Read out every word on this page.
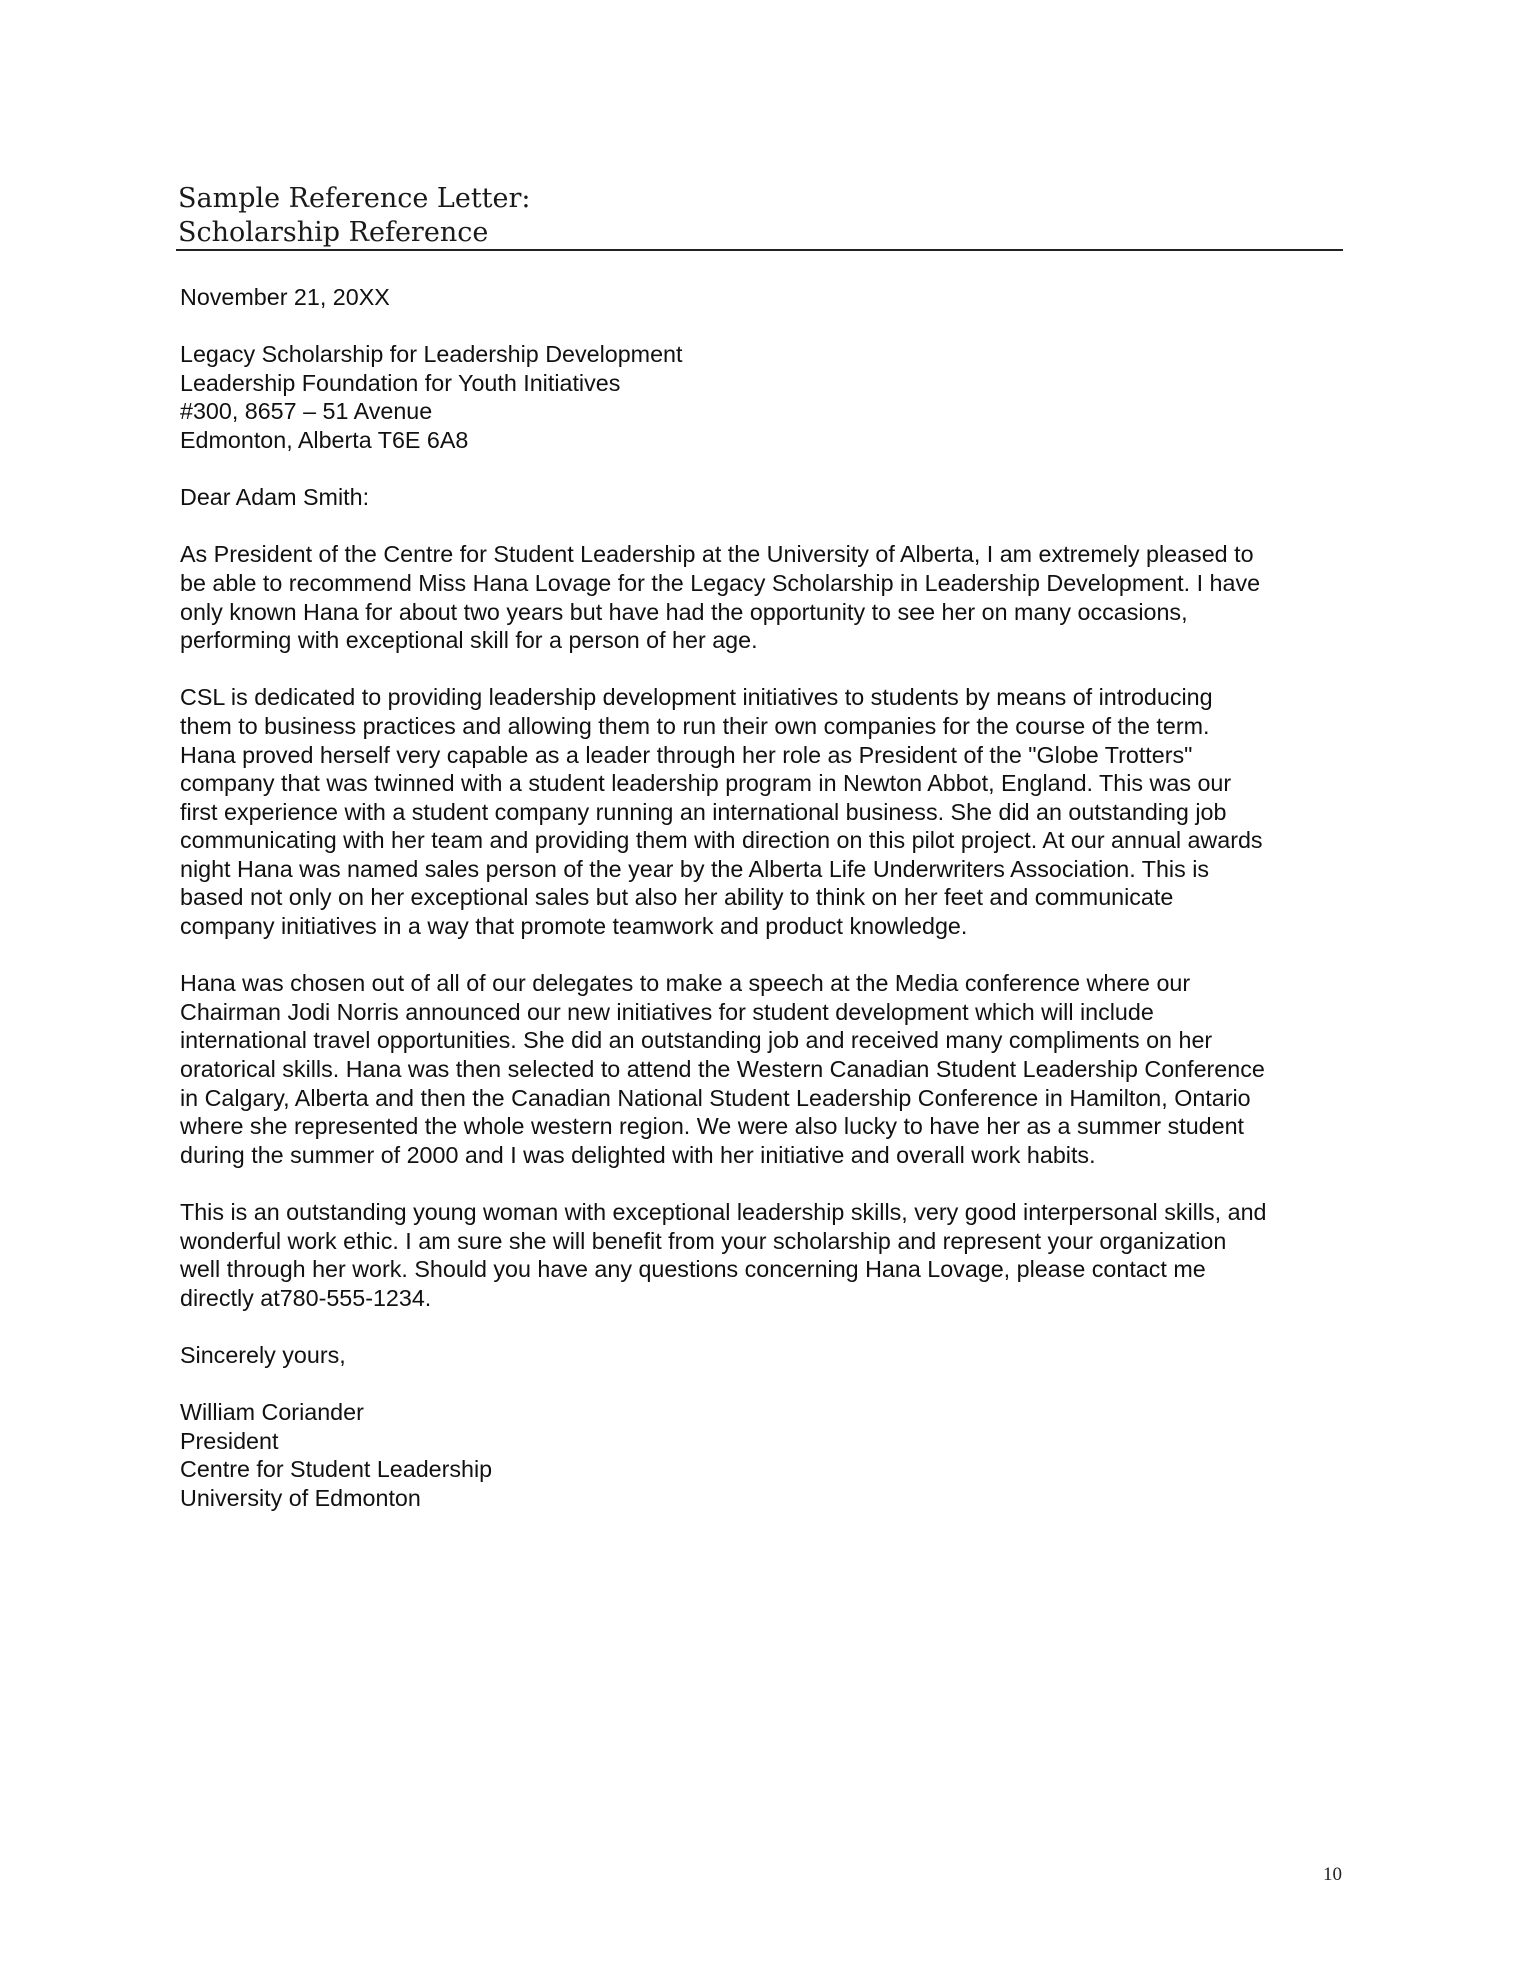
Sample Reference Letter:
Scholarship Reference
November 21, 20XX
Legacy Scholarship for Leadership Development
Leadership Foundation for Youth Initiatives
#300, 8657 – 51 Avenue
Edmonton, Alberta T6E 6A8
Dear Adam Smith:
As President of the Centre for Student Leadership at the University of Alberta, I am extremely pleased to
be able to recommend Miss Hana Lovage for the Legacy Scholarship in Leadership Development. I have
only known Hana for about two years but have had the opportunity to see her on many occasions,
performing with exceptional skill for a person of her age.
CSL is dedicated to providing leadership development initiatives to students by means of introducing
them to business practices and allowing them to run their own companies for the course of the term.
Hana proved herself very capable as a leader through her role as President of the "Globe Trotters"
company that was twinned with a student leadership program in Newton Abbot, England. This was our
first experience with a student company running an international business. She did an outstanding job
communicating with her team and providing them with direction on this pilot project. At our annual awards
night Hana was named sales person of the year by the Alberta Life Underwriters Association. This is
based not only on her exceptional sales but also her ability to think on her feet and communicate
company initiatives in a way that promote teamwork and product knowledge.
Hana was chosen out of all of our delegates to make a speech at the Media conference where our
Chairman Jodi Norris announced our new initiatives for student development which will include
international travel opportunities. She did an outstanding job and received many compliments on her
oratorical skills. Hana was then selected to attend the Western Canadian Student Leadership Conference
in Calgary, Alberta and then the Canadian National Student Leadership Conference in Hamilton, Ontario
where she represented the whole western region. We were also lucky to have her as a summer student
during the summer of 2000 and I was delighted with her initiative and overall work habits.
This is an outstanding young woman with exceptional leadership skills, very good interpersonal skills, and
wonderful work ethic. I am sure she will benefit from your scholarship and represent your organization
well through her work. Should you have any questions concerning Hana Lovage, please contact me
directly at780-555-1234.
Sincerely yours,
William Coriander
President
Centre for Student Leadership
University of Edmonton
10
